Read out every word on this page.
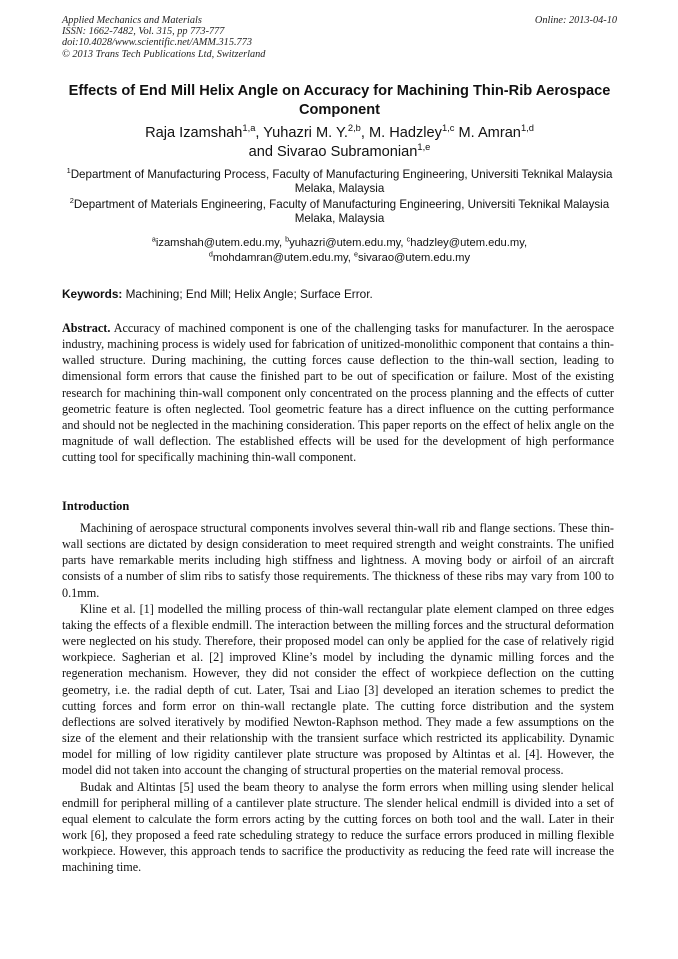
Applied Mechanics and Materials
ISSN: 1662-7482, Vol. 315, pp 773-777
doi:10.4028/www.scientific.net/AMM.315.773
© 2013 Trans Tech Publications Ltd, Switzerland
Online: 2013-04-10
Effects of End Mill Helix Angle on Accuracy for Machining Thin-Rib Aerospace Component
Raja Izamshah$^{1,a}$, Yuhazri M. Y.$^{2,b}$, M. Hadzley$^{1,c}$ M. Amran$^{1,d}$
and Sivarao Subramonian$^{1,e}$
$^1$Department of Manufacturing Process, Faculty of Manufacturing Engineering, Universiti Teknikal Malaysia Melaka, Malaysia
$^2$Department of Materials Engineering, Faculty of Manufacturing Engineering, Universiti Teknikal Malaysia Melaka, Malaysia
$^a$izamshah@utem.edu.my, $^b$yuhazri@utem.edu.my, $^c$hadzley@utem.edu.my,
$^d$mohdamran@utem.edu.my, $^e$sivarao@utem.edu.my
Keywords: Machining; End Mill; Helix Angle; Surface Error.

Abstract. Accuracy of machined component is one of the challenging tasks for manufacturer. In the aerospace industry, machining process is widely used for fabrication of unitized-monolithic component that contains a thin-walled structure. During machining, the cutting forces cause deflection to the thin-wall section, leading to dimensional form errors that cause the finished part to be out of specification or failure. Most of the existing research for machining thin-wall component only concentrated on the process planning and the effects of cutter geometric feature is often neglected. Tool geometric feature has a direct influence on the cutting performance and should not be neglected in the machining consideration. This paper reports on the effect of helix angle on the magnitude of wall deflection. The established effects will be used for the development of high performance cutting tool for specifically machining thin-wall component.

Introduction

Machining of aerospace structural components involves several thin-wall rib and flange sections. These thin-wall sections are dictated by design consideration to meet required strength and weight constraints. The unified parts have remarkable merits including high stiffness and lightness. A moving body or airfoil of an aircraft consists of a number of slim ribs to satisfy those requirements. The thickness of these ribs may vary from 100 to 0.1mm.

Kline et al. [1] modelled the milling process of thin-wall rectangular plate element clamped on three edges taking the effects of a flexible endmill. The interaction between the milling forces and the structural deformation were neglected on his study. Therefore, their proposed model can only be applied for the case of relatively rigid workpiece. Sagherian et al. [2] improved Kline’s model by including the dynamic milling forces and the regeneration mechanism. However, they did not consider the effect of workpiece deflection on the cutting geometry, i.e. the radial depth of cut. Later, Tsai and Liao [3] developed an iteration schemes to predict the cutting forces and form error on thin-wall rectangle plate. The cutting force distribution and the system deflections are solved iteratively by modified Newton-Raphson method. They made a few assumptions on the size of the element and their relationship with the transient surface which restricted its applicability. Dynamic model for milling of low rigidity cantilever plate structure was proposed by Altintas et al. [4]. However, the model did not taken into account the changing of structural properties on the material removal process.

Budak and Altintas [5] used the beam theory to analyse the form errors when milling using slender helical endmill for peripheral milling of a cantilever plate structure. The slender helical endmill is divided into a set of equal element to calculate the form errors acting by the cutting forces on both tool and the wall. Later in their work [6], they proposed a feed rate scheduling strategy to reduce the surface errors produced in milling flexible workpiece. However, this approach tends to sacrifice the productivity as reducing the feed rate will increase the machining time.
